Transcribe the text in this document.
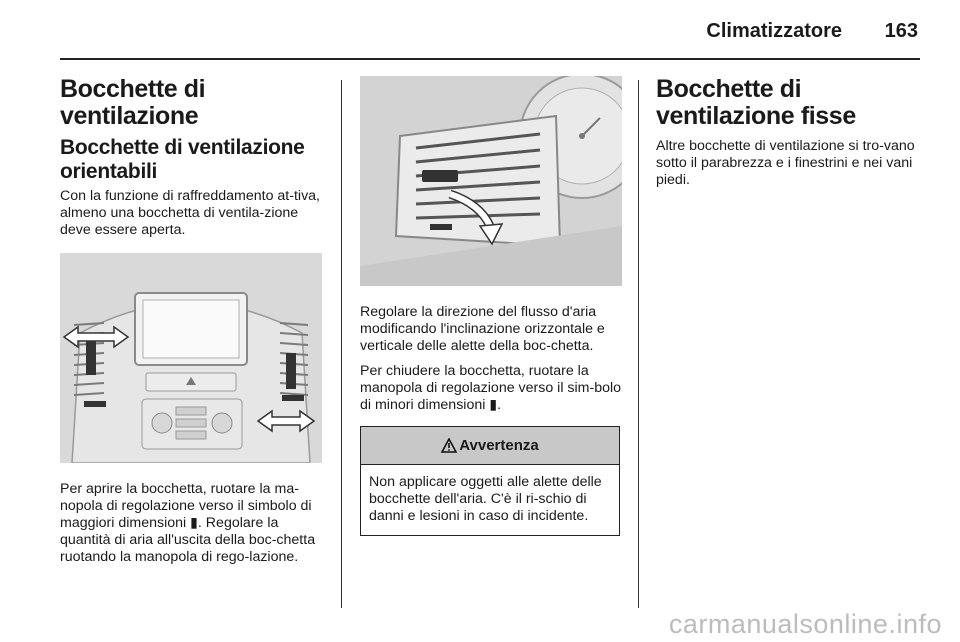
Climatizzatore 163
Bocchette di ventilazione
Bocchette di ventilazione orientabili

Con la funzione di raffreddamento at-tiva, almeno una bocchetta di ventila-zione deve essere aperta.

Per aprire la bocchetta, ruotare la ma-nopola di regolazione verso il simbolo di maggiori dimensioni ▮. Regolare la quantità di aria all'uscita della boc-chetta ruotando la manopola di rego-lazione.

Regolare la direzione del flusso d'aria modificando l'inclinazione orizzontale e verticale delle alette della boc-chetta.

Per chiudere la bocchetta, ruotare la manopola di regolazione verso il sim-bolo di minori dimensioni ▮.

Avvertenza
Non applicare oggetti alle alette delle bocchette dell'aria. C'è il ri-schio di danni e lesioni in caso di incidente.
Bocchette di ventilazione fisse

Altre bocchette di ventilazione si tro-vano sotto il parabrezza e i finestrini e nei vani piedi.

carmanualsonline.info
